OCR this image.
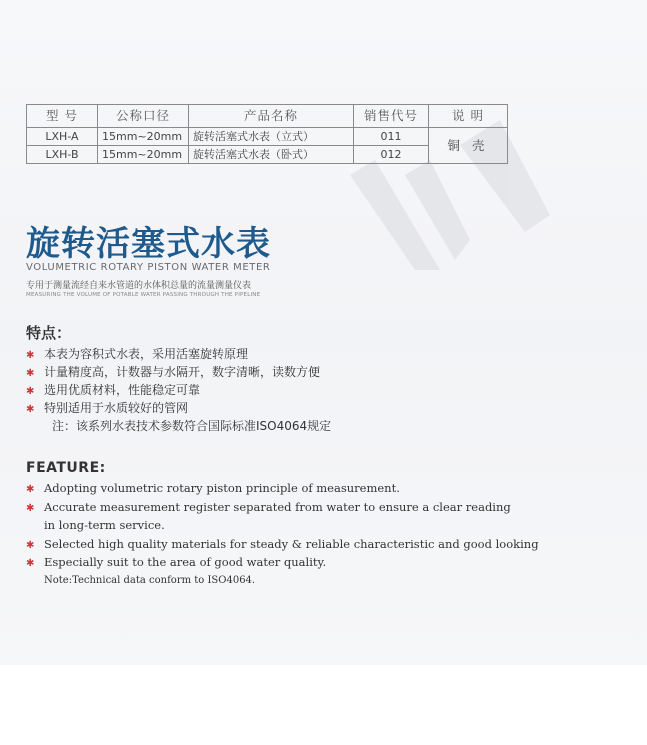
型 号	公称口径	产品名称	销售代号	说 明
LXH-A	15mm~20mm	旋转活塞式水表（立式）	011	铜 壳
LXH-B	15mm~20mm	旋转活塞式水表（卧式）	012	
旋转活塞式水表
VOLUMETRIC ROTARY PISTON WATER METER
专用于测量流经自来水管道的水体积总量的流量测量仪表
MEASURING THE VOLUME OF POTABLE WATER PASSING THROUGH THE PIPELINE
特点：
✱ 本表为容积式水表，采用活塞旋转原理
✱ 计量精度高，计数器与水隔开，数字清晰，读数方便
✱ 选用优质材料，性能稳定可靠
✱ 特别适用于水质较好的管网
注：该系列水表技术参数符合国际标准ISO4064规定
FEATURE:
✱ Adopting volumetric rotary piston principle of measurement.
✱ Accurate measurement register separated from water to ensure a clear reading
in long-term service.
✱ Selected high quality materials for steady & reliable characteristic and good looking
✱ Especially suit to the area of good water quality.
Note:Technical data conform to ISO4064.
